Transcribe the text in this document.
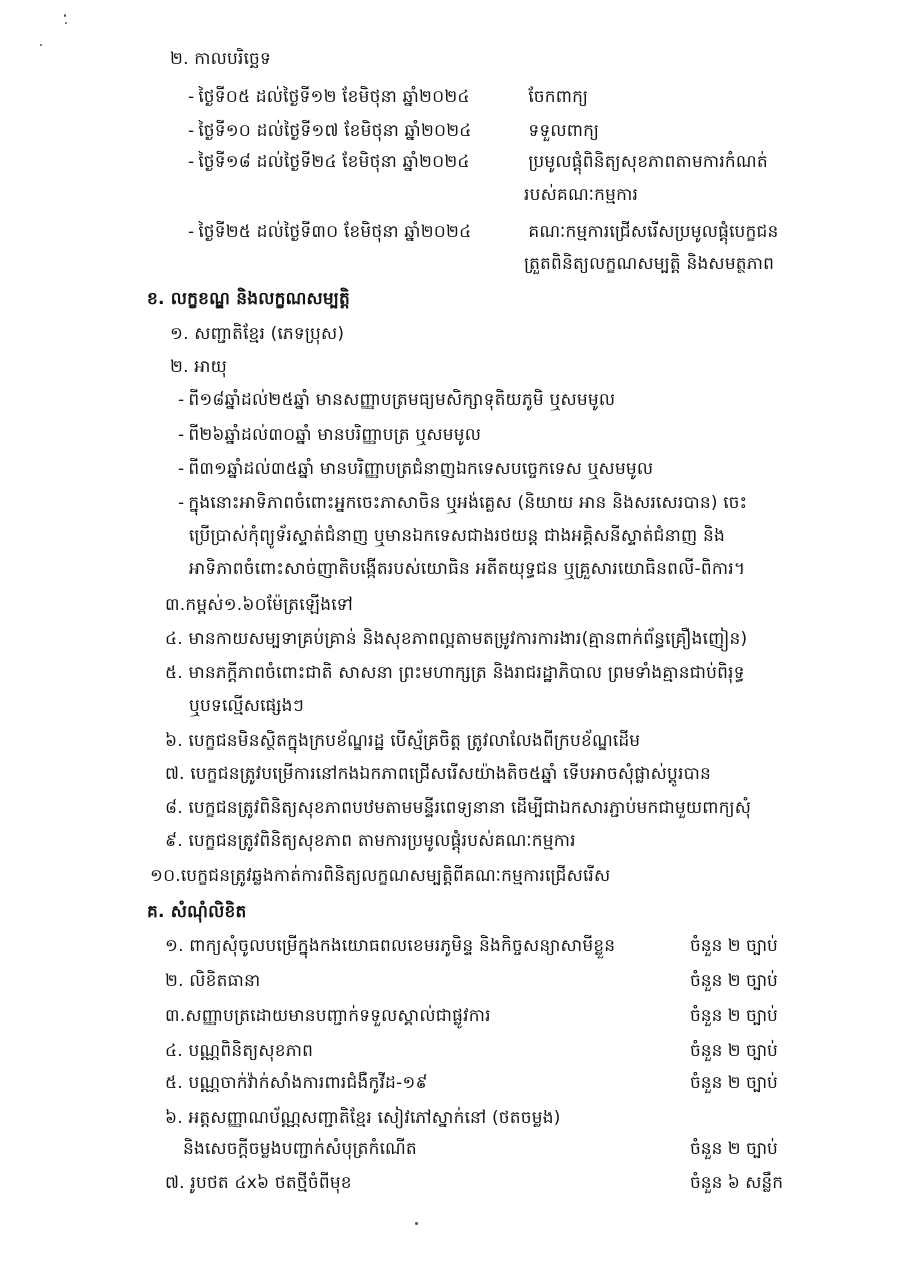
២. កាលបរិច្ឆេទ
- ថ្ងៃទី០៥ ដល់ថ្ងៃទី១២ ខែមិថុនា ឆ្នាំ២០២៤	ចែកពាក្យ
- ថ្ងៃទី១០ ដល់ថ្ងៃទី១៧ ខែមិថុនា ឆ្នាំ២០២៤	ទទួលពាក្យ
- ថ្ងៃទី១៨ ដល់ថ្ងៃទី២៤ ខែមិថុនា ឆ្នាំ២០២៤	ប្រមូលផ្តុំពិនិត្យសុខភាពតាមការកំណត់
របស់គណៈកម្មការ
- ថ្ងៃទី២៥ ដល់ថ្ងៃទី៣០ ខែមិថុនា ឆ្នាំ២០២៤	គណៈកម្មការជ្រើសរើសប្រមូលផ្តុំបេក្ខជន
ត្រួតពិនិត្យលក្ខណសម្បត្តិ និងសមត្ថភាព
ខ. លក្ខខណ្ឌ និងលក្ខណសម្បត្តិ
១. សញ្ជាតិខ្មែរ (ភេទប្រុស)
២. អាយុ
- ពី១៨ឆ្នាំដល់២៥ឆ្នាំ មានសញ្ញាបត្រមធ្យមសិក្សាទុតិយភូមិ ឬសមមូល
- ពី២៦ឆ្នាំដល់៣០ឆ្នាំ មានបរិញ្ញាបត្រ ឬសមមូល
- ពី៣១ឆ្នាំដល់៣៥ឆ្នាំ មានបរិញ្ញាបត្រជំនាញឯកទេសបច្ចេកទេស ឬសមមូល
- ក្នុងនោះអាទិភាពចំពោះអ្នកចេះភាសាចិន ឬអង់គ្លេស (និយាយ អាន និងសរសេរបាន) ចេះ
ប្រើប្រាស់កុំព្យូទ័រស្ទាត់ជំនាញ ឬមានឯកទេសជាងរថយន្ត ជាងអគ្គិសនីស្ទាត់ជំនាញ និង
អាទិភាពចំពោះសាច់ញាតិបង្កើតរបស់យោធិន អតីតយុទ្ធជន ឬគ្រួសារយោធិនពលី-ពិការ។
៣.កម្ពស់១.៦០ម៉ែត្រឡើងទៅ
៤. មានកាយសម្បទាគ្រប់គ្រាន់ និងសុខភាពល្អតាមតម្រូវការការងារ(គ្មានពាក់ព័ន្ធគ្រឿងញៀន)
៥. មានភក្តីភាពចំពោះជាតិ សាសនា ព្រះមហាក្សត្រ និងរាជរដ្ឋាភិបាល ព្រមទាំងគ្មានជាប់ពិរុទ្ធ
ឬបទល្មើសផ្សេងៗ
៦. បេក្ខជនមិនស្ថិតក្នុងក្របខ័ណ្ឌរដ្ឋ បើស្ម័គ្រចិត្ត ត្រូវលាលែងពីក្របខ័ណ្ឌដើម
៧. បេក្ខជនត្រូវបម្រើការនៅកងឯកភាពជ្រើសរើសយ៉ាងតិច៥ឆ្នាំ ទើបអាចសុំផ្លាស់ប្តូរបាន
៨. បេក្ខជនត្រូវពិនិត្យសុខភាពបឋមតាមមន្ទីរពេទ្យនានា ដើម្បីជាឯកសារភ្ជាប់មកជាមួយពាក្យសុំ
៩. បេក្ខជនត្រូវពិនិត្យសុខភាព តាមការប្រមូលផ្តុំរបស់គណៈកម្មការ
១០.បេក្ខជនត្រូវឆ្លងកាត់ការពិនិត្យលក្ខណសម្បត្តិពីគណៈកម្មការជ្រើសរើស
គ. សំណុំលិខិត
១. ពាក្យសុំចូលបម្រើក្នុងកងយោធពលខេមរភូមិន្ទ និងកិច្ចសន្យាសាមីខ្លួន	ចំនួន ២ ច្បាប់
២. លិខិតធានា	ចំនួន ២ ច្បាប់
៣.សញ្ញាបត្រដោយមានបញ្ជាក់ទទួលស្គាល់ជាផ្លូវការ	ចំនួន ២ ច្បាប់
៤. បណ្ណពិនិត្យសុខភាព	ចំនួន ២ ច្បាប់
៥. បណ្ណចាក់វ៉ាក់សាំងការពារជំងឺកូវីដ-១៩	ចំនួន ២ ច្បាប់
៦. អត្តសញ្ញាណប័ណ្ណសញ្ជាតិខ្មែរ សៀវភៅស្នាក់នៅ (ថតចម្លង)
និងសេចក្តីចម្លងបញ្ជាក់សំបុត្រកំណើត	ចំនួន ២ ច្បាប់
៧. រូបថត ៤x៦ ថតថ្មីចំពីមុខ	ចំនួន ៦ សន្លឹក
